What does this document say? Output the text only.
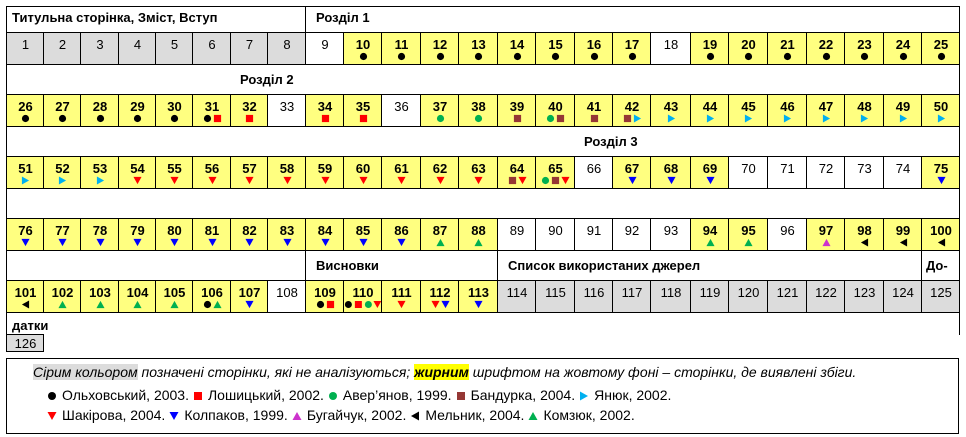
Титульна сторінка, Зміст, Вступ	Розділ 1
Розділ 2
Розділ 3
Висновки	Список використаних джерел	До-
датки
1	2	3	4	5	6	7	8	9	10	11	12	13	14	15	16	17	18	19	20	21	22	23	24	25
26	27	28	29	30	31	32	33	34	35	36	37	38	39	40	41	42	43	44	45	46	47	48	49	50
51	52	53	54	55	56	57	58	59	60	61	62	63	64	65	66	67	68	69	70	71	72	73	74	75
76	77	78	79	80	81	82	83	84	85	86	87	88	89	90	91	92	93	94	95	96	97	98	99	100
101	102	103	104	105	106	107	108	109	110	111	112	113	114	115	116	117	118	119	120	121	122	123	124	125
126
Сірим кольором позначені сторінки, які не аналізуються; жирним шрифтом на жовтому фоні – сторінки, де виявлені збіги.
Ольховський, 2003. Лошицький, 2002. Авер’янов, 1999. Бандурка, 2004. Янюк, 2002.
Шакірова, 2004. Колпаков, 1999. Бугайчук, 2002. Мельник, 2004. Комзюк, 2002.
